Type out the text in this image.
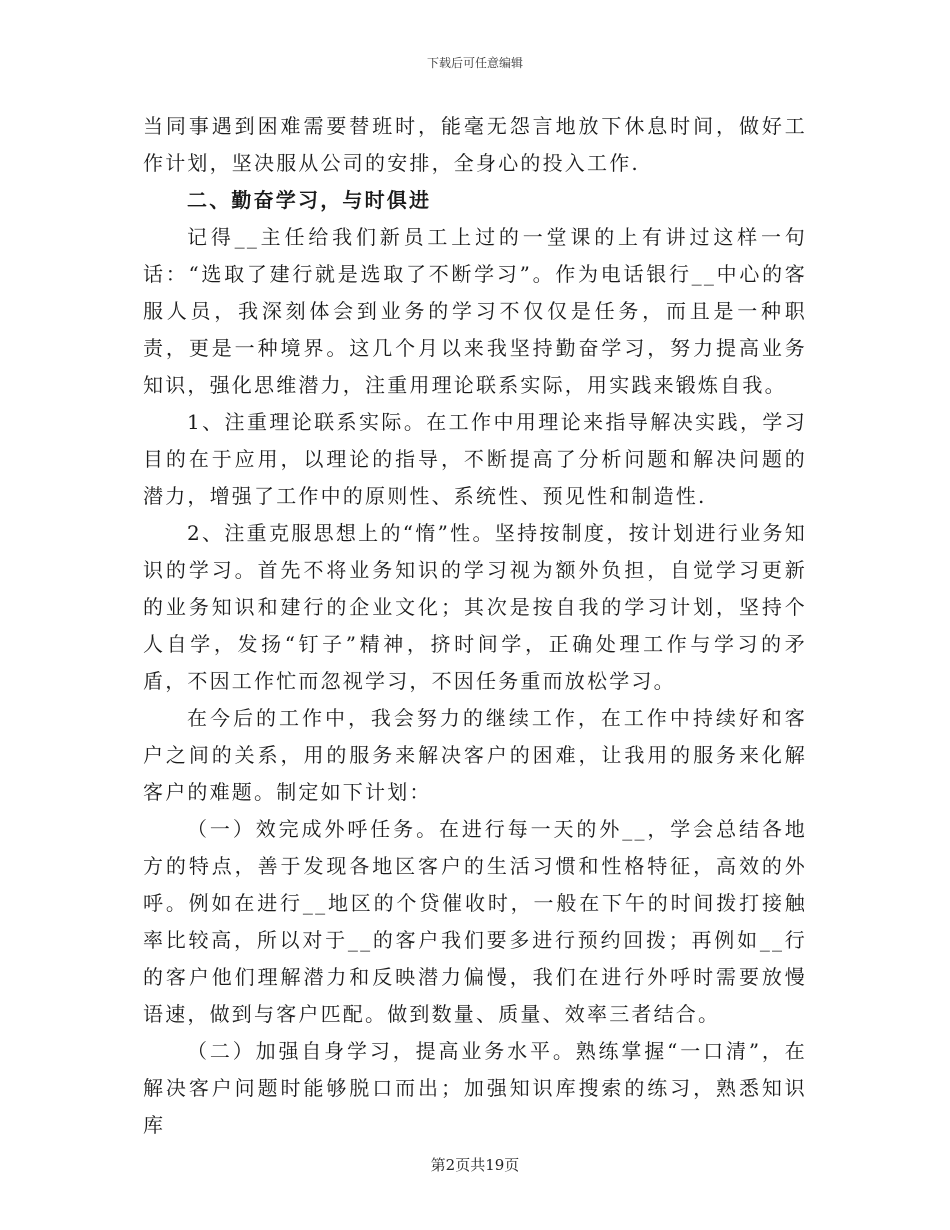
下载后可任意编辑

当同事遇到困难需要替班时，能毫无怨言地放下休息时间，做好工作计划，坚决服从公司的安排，全身心的投入工作.

二、勤奋学习，与时俱进

记得__主任给我们新员工上过的一堂课的上有讲过这样一句话：“选取了建行就是选取了不断学习”。作为电话银行__中心的客服人员，我深刻体会到业务的学习不仅仅是任务，而且是一种职责，更是一种境界。这几个月以来我坚持勤奋学习，努力提高业务知识，强化思维潜力，注重用理论联系实际，用实践来锻炼自我。

1、注重理论联系实际。在工作中用理论来指导解决实践，学习目的在于应用，以理论的指导，不断提高了分析问题和解决问题的潜力，增强了工作中的原则性、系统性、预见性和制造性.

2、注重克服思想上的“惰”性。坚持按制度，按计划进行业务知识的学习。首先不将业务知识的学习视为额外负担，自觉学习更新的业务知识和建行的企业文化；其次是按自我的学习计划，坚持个人自学，发扬“钉子”精神，挤时间学，正确处理工作与学习的矛盾，不因工作忙而忽视学习，不因任务重而放松学习。

在今后的工作中，我会努力的继续工作，在工作中持续好和客户之间的关系，用的服务来解决客户的困难，让我用的服务来化解客户的难题。制定如下计划：

（一）效完成外呼任务。在进行每一天的外__，学会总结各地方的特点，善于发现各地区客户的生活习惯和性格特征，高效的外呼。例如在进行__地区的个贷催收时，一般在下午的时间拨打接触率比较高，所以对于__的客户我们要多进行预约回拨；再例如__行的客户他们理解潜力和反映潜力偏慢，我们在进行外呼时需要放慢语速，做到与客户匹配。做到数量、质量、效率三者结合。

（二）加强自身学习，提高业务水平。熟练掌握“一口清”，在解决客户问题时能够脱口而出；加强知识库搜索的练习，熟悉知识库

第2页共19页
